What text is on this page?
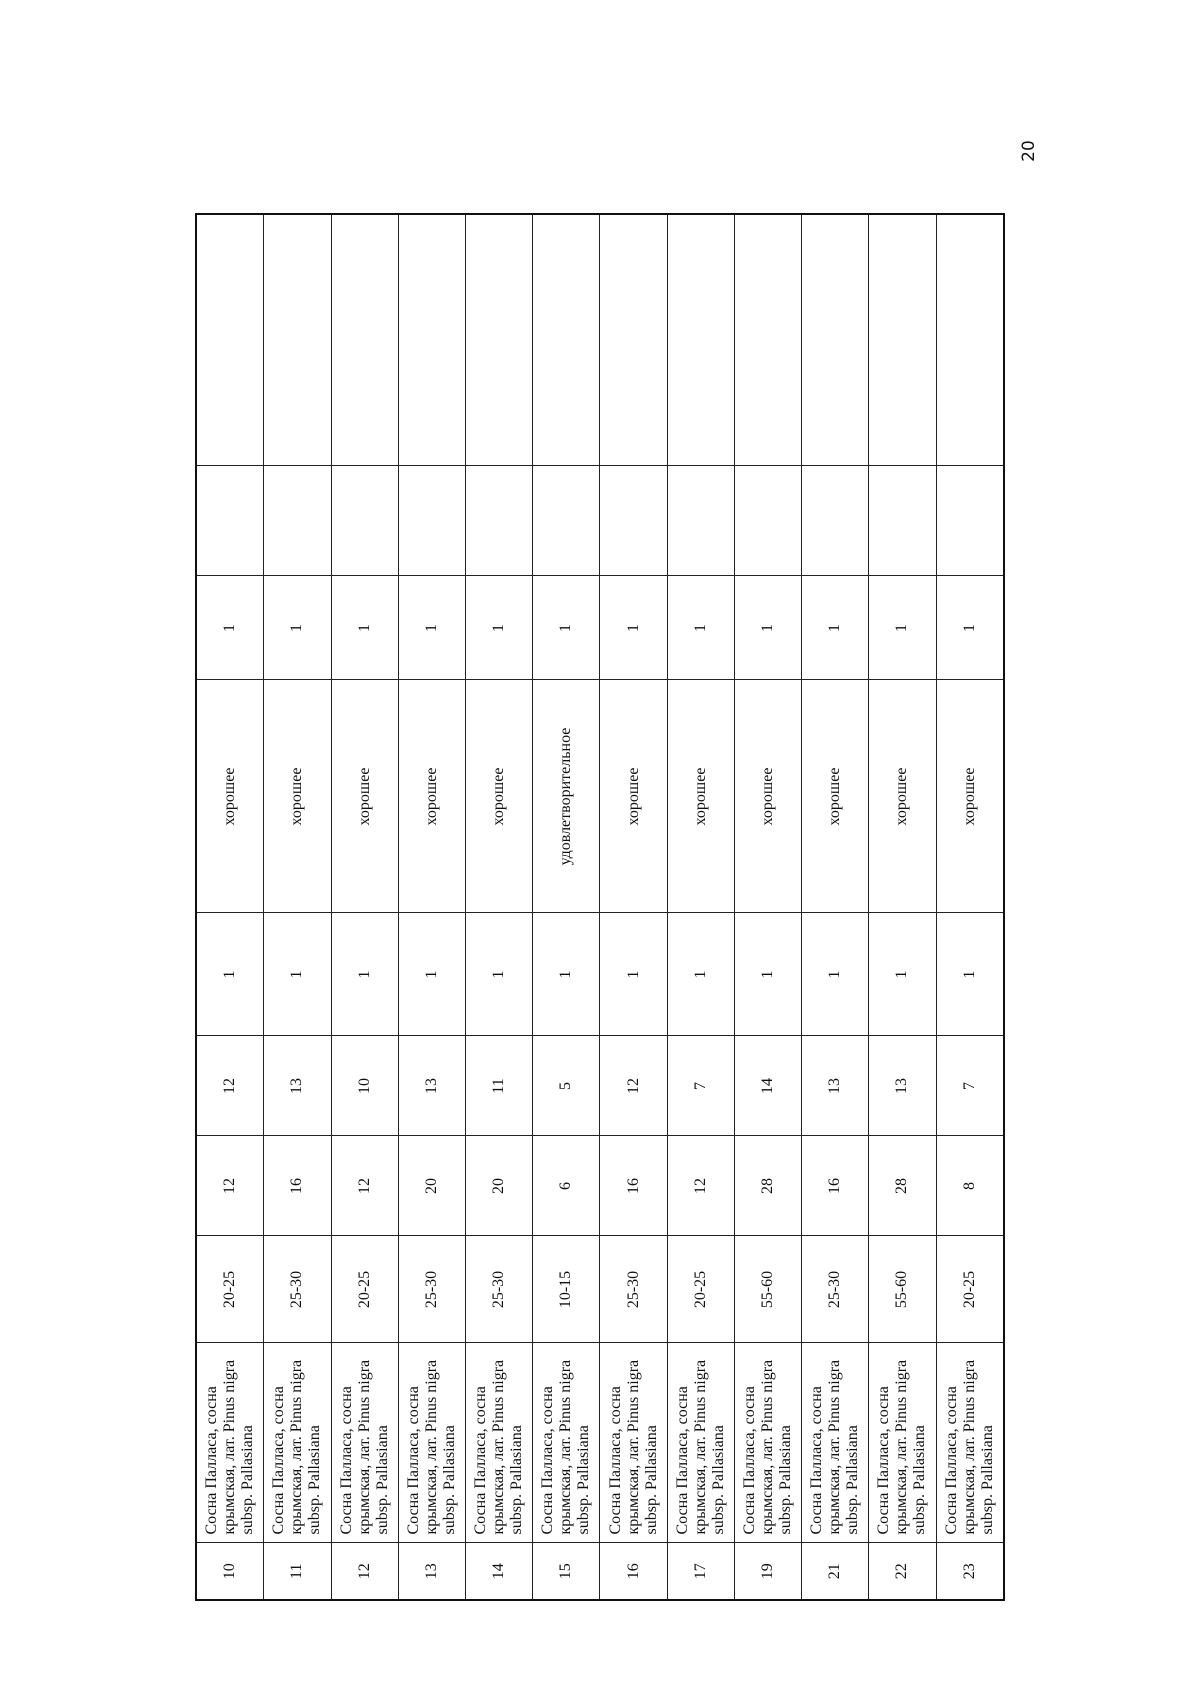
20
10	Сосна Палласа, сосна крымская, лат. Pinus nigra subsp. Pallasiana	20-25	12	12	1	хорошее	1		
11	Сосна Палласа, сосна крымская, лат. Pinus nigra subsp. Pallasiana	25-30	16	13	1	хорошее	1		
12	Сосна Палласа, сосна крымская, лат. Pinus nigra subsp. Pallasiana	20-25	12	10	1	хорошее	1		
13	Сосна Палласа, сосна крымская, лат. Pinus nigra subsp. Pallasiana	25-30	20	13	1	хорошее	1		
14	Сосна Палласа, сосна крымская, лат. Pinus nigra subsp. Pallasiana	25-30	20	11	1	хорошее	1		
15	Сосна Палласа, сосна крымская, лат. Pinus nigra subsp. Pallasiana	10-15	6	5	1	удовлетворительное	1		
16	Сосна Палласа, сосна крымская, лат. Pinus nigra subsp. Pallasiana	25-30	16	12	1	хорошее	1		
17	Сосна Палласа, сосна крымская, лат. Pinus nigra subsp. Pallasiana	20-25	12	7	1	хорошее	1		
19	Сосна Палласа, сосна крымская, лат. Pinus nigra subsp. Pallasiana	55-60	28	14	1	хорошее	1		
21	Сосна Палласа, сосна крымская, лат. Pinus nigra subsp. Pallasiana	25-30	16	13	1	хорошее	1		
22	Сосна Палласа, сосна крымская, лат. Pinus nigra subsp. Pallasiana	55-60	28	13	1	хорошее	1		
23	Сосна Палласа, сосна крымская, лат. Pinus nigra subsp. Pallasiana	20-25	8	7	1	хорошее	1		
